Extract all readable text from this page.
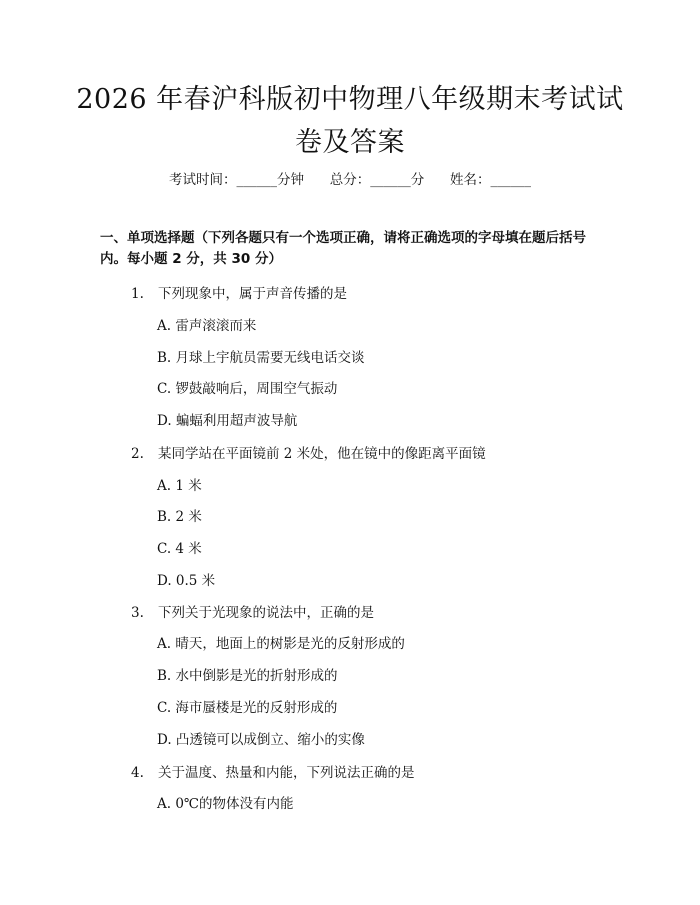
2026 年春沪科版初中物理八年级期末考试试
卷及答案
考试时间：______分钟      总分：______分      姓名：______
一、单项选择题（下列各题只有一个选项正确，请将正确选项的字母填在题后括号内。每小题 2 分，共 30 分）
1. 下列现象中，属于声音传播的是
A. 雷声滚滚而来
B. 月球上宇航员需要无线电话交谈
C. 锣鼓敲响后，周围空气振动
D. 蝙蝠利用超声波导航
2. 某同学站在平面镜前 2 米处，他在镜中的像距离平面镜
A. 1 米
B. 2 米
C. 4 米
D. 0.5 米
3. 下列关于光现象的说法中，正确的是
A. 晴天，地面上的树影是光的反射形成的
B. 水中倒影是光的折射形成的
C. 海市蜃楼是光的反射形成的
D. 凸透镜可以成倒立、缩小的实像
4. 关于温度、热量和内能，下列说法正确的是
A. 0℃的物体没有内能
